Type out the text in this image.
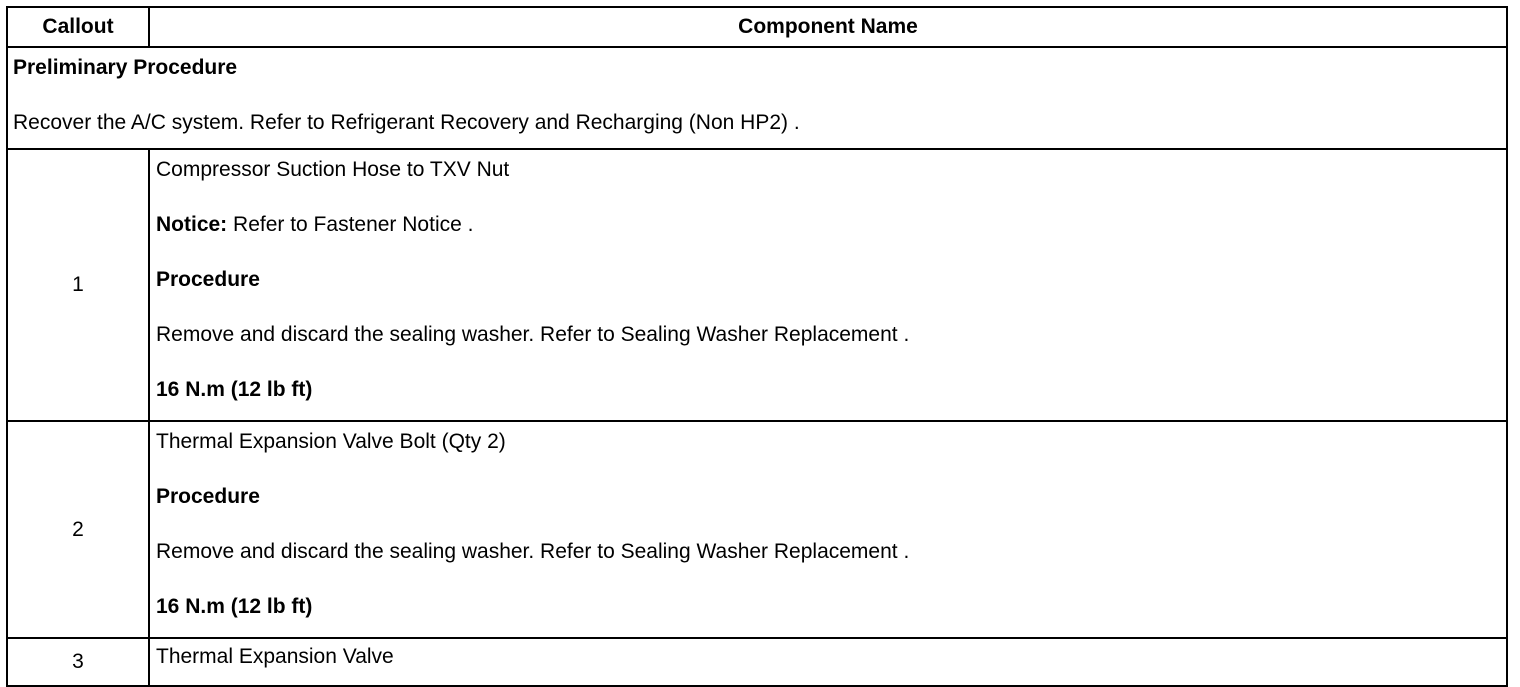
Callout	Component Name

Preliminary Procedure
Recover the A/C system. Refer to Refrigerant Recovery and Recharging (Non HP2) .	

1	Compressor Suction Hose to TXV Nut
Notice: Refer to Fastener Notice .
Procedure
Remove and discard the sealing washer. Refer to Sealing Washer Replacement .
16 N.m (12 lb ft)

2	Thermal Expansion Valve Bolt (Qty 2)
Procedure
Remove and discard the sealing washer. Refer to Sealing Washer Replacement .
16 N.m (12 lb ft)

3	Thermal Expansion Valve
